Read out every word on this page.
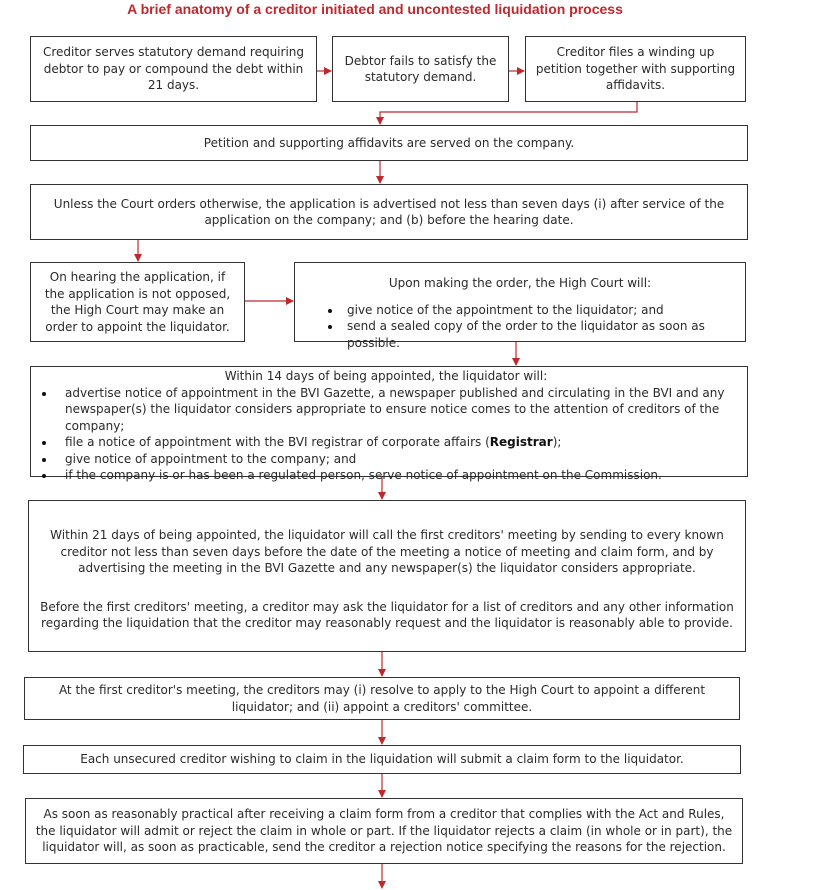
A brief anatomy of a creditor initiated and uncontested liquidation process
Creditor serves statutory demand requiring debtor to pay or compound the debt within 21 days.
Debtor fails to satisfy the statutory demand.
Creditor files a winding up petition together with supporting affidavits.
Petition and supporting affidavits are served on the company.
Unless the Court orders otherwise, the application is advertised not less than seven days (i) after service of the application on the company; and (b) before the hearing date.
On hearing the application, if the application is not opposed, the High Court may make an order to appoint the liquidator.
Upon making the order, the High Court will:
give notice of the appointment to the liquidator; and
send a sealed copy of the order to the liquidator as soon as possible.
Within 14 days of being appointed, the liquidator will:
advertise notice of appointment in the BVI Gazette, a newspaper published and circulating in the BVI and any newspaper(s) the liquidator considers appropriate to ensure notice comes to the attention of creditors of the company;
file a notice of appointment with the BVI registrar of corporate affairs (Registrar);
give notice of appointment to the company; and
if the company is or has been a regulated person, serve notice of appointment on the Commission.
Within 21 days of being appointed, the liquidator will call the first creditors' meeting by sending to every known creditor not less than seven days before the date of the meeting a notice of meeting and claim form, and by advertising the meeting in the BVI Gazette and any newspaper(s) the liquidator considers appropriate.
Before the first creditors' meeting, a creditor may ask the liquidator for a list of creditors and any other information regarding the liquidation that the creditor may reasonably request and the liquidator is reasonably able to provide.
At the first creditor's meeting, the creditors may (i) resolve to apply to the High Court to appoint a different liquidator; and (ii) appoint a creditors' committee.
Each unsecured creditor wishing to claim in the liquidation will submit a claim form to the liquidator.
As soon as reasonably practical after receiving a claim form from a creditor that complies with the Act and Rules, the liquidator will admit or reject the claim in whole or part. If the liquidator rejects a claim (in whole or in part), the liquidator will, as soon as practicable, send the creditor a rejection notice specifying the reasons for the rejection.
